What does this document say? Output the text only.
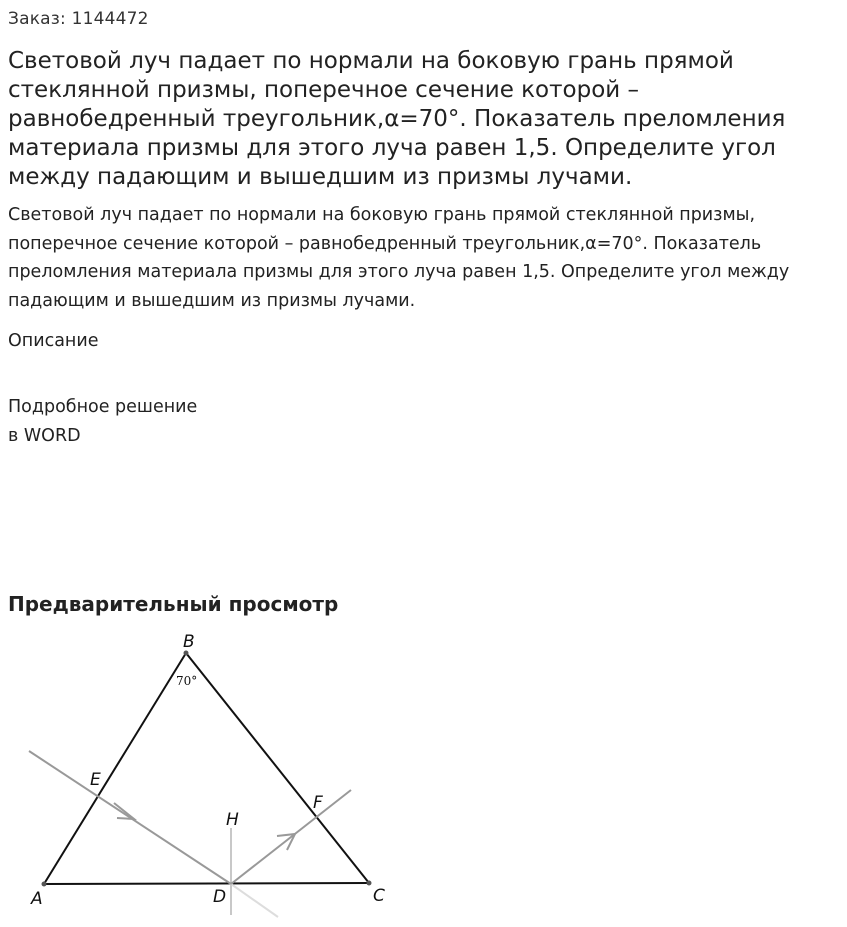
Заказ: 1144472
Световой луч падает по нормали на боковую грань прямой стеклянной призмы, поперечное сечение которой – равнобедренный треугольник,α=70°. Показатель преломления материала призмы для этого луча равен 1,5. Определите угол между падающим и вышедшим из призмы лучами.
Световой луч падает по нормали на боковую грань прямой стеклянной призмы, поперечное сечение которой – равнобедренный треугольник,α=70°. Показатель преломления материала призмы для этого луча равен 1,5. Определите угол между падающим и вышедшим из призмы лучами.
Описание
Подробное решение
в WORD
Предварительный просмотр
B
70°
E
F
H
A	D	C
